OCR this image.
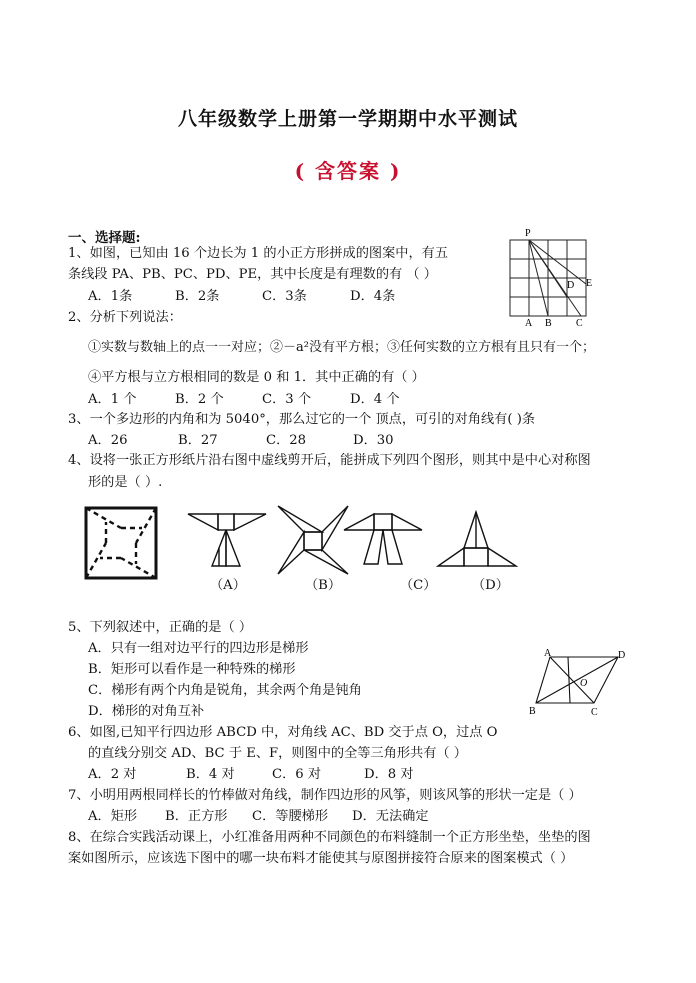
八年级数学上册第一学期期中水平测试
( 含答案 )
一、选择题:
1、如图，已知由 16 个边长为 1 的小正方形拼成的图案中，有五
条线段 PA、PB、PC、PD、PE，其中长度是有理数的有 （ ）
A．1条	B．2条	C．3条	D．4条
P
A B C
D E
2、分析下列说法：
①实数与数轴上的点一一对应；②－a²没有平方根；③任何实数的立方根有且只有一个；
④平方根与立方根相同的数是 0 和 1．其中正确的有（ ）
A．1 个	B．2 个	C．3 个	D．4 个
3、一个多边形的内角和为 5040°，那么过它的一个 顶点，可引的对角线有( )条
A．26	B．27	C．28	D．30
4、设将一张正方形纸片沿右图中虚线剪开后，能拼成下列四个图形，则其中是中心对称图
形的是（ ）.
（A）	（B）	（C）	（D）
5、下列叙述中，正确的是（ ）
A．只有一组对边平行的四边形是梯形
B．矩形可以看作是一种特殊的梯形
C．梯形有两个内角是锐角，其余两个角是钝角
D．梯形的对角互补
A	D
B	C
O
6、如图,已知平行四边形 ABCD 中，对角线 AC、BD 交于点 O，过点 O
的直线分别交 AD、BC 于 E、F，则图中的全等三角形共有（ ）
A．2 对	B．4 对	C．6 对	D．8 对
7、小明用两根同样长的竹棒做对角线，制作四边形的风筝，则该风筝的形状一定是（ ）
A．矩形 B．正方形 C．等腰梯形 D．无法确定
8、在综合实践活动课上，小红准备用两种不同颜色的布料缝制一个正方形坐垫，坐垫的图
案如图所示，应该选下图中的哪一块布料才能使其与原图拼接符合原来的图案模式（ ）
